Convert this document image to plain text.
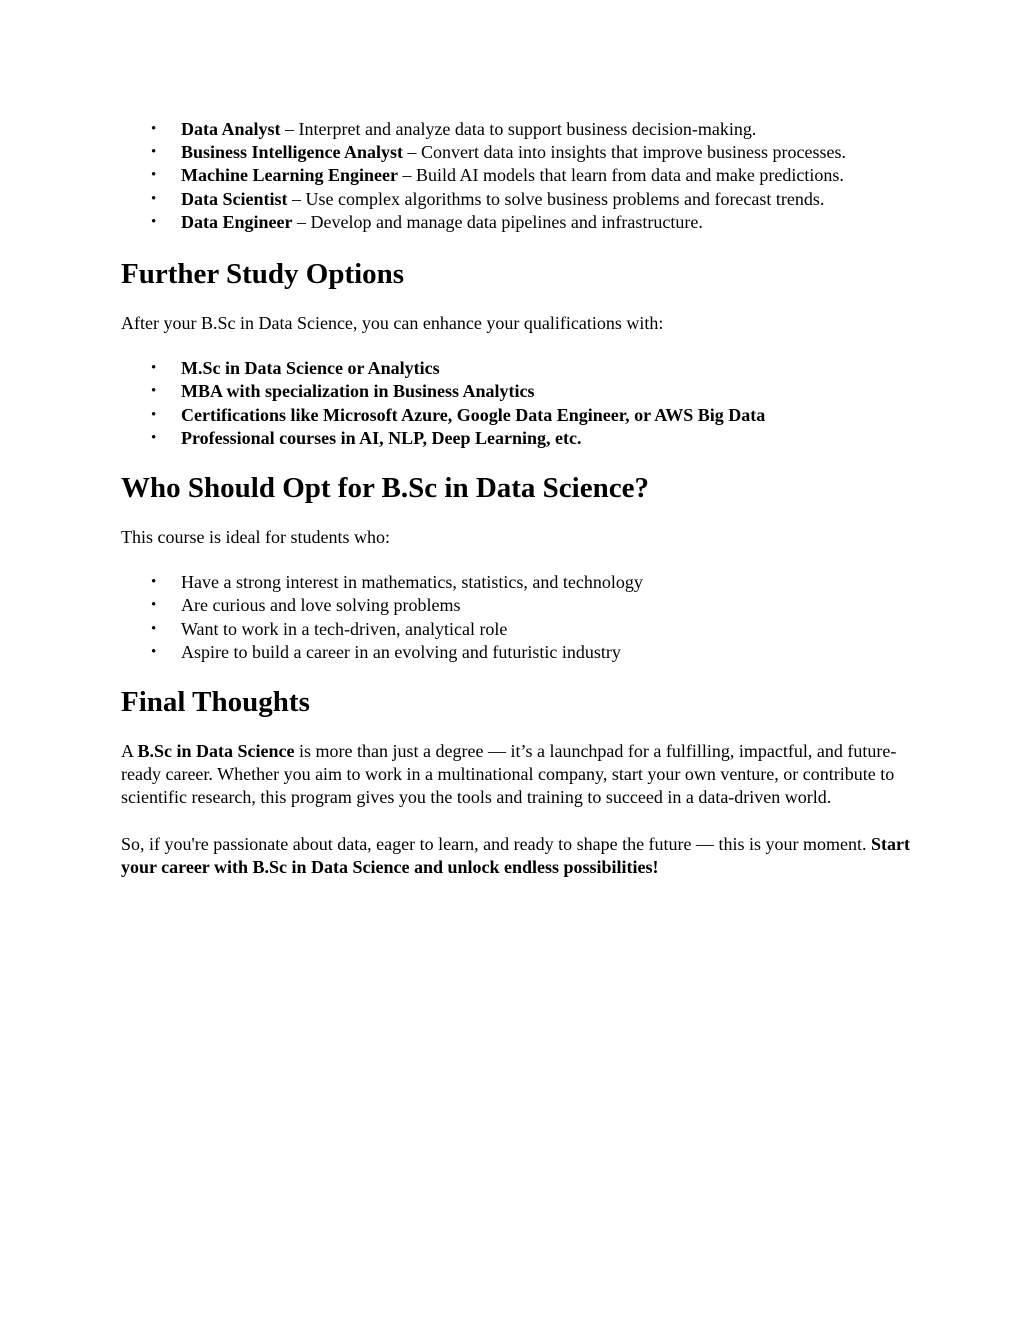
• Data Analyst – Interpret and analyze data to support business decision-making.
• Business Intelligence Analyst – Convert data into insights that improve business processes.
• Machine Learning Engineer – Build AI models that learn from data and make predictions.
• Data Scientist – Use complex algorithms to solve business problems and forecast trends.
• Data Engineer – Develop and manage data pipelines and infrastructure.
Further Study Options

After your B.Sc in Data Science, you can enhance your qualifications with:

• M.Sc in Data Science or Analytics
• MBA with specialization in Business Analytics
• Certifications like Microsoft Azure, Google Data Engineer, or AWS Big Data
• Professional courses in AI, NLP, Deep Learning, etc.
Who Should Opt for B.Sc in Data Science?

This course is ideal for students who:

• Have a strong interest in mathematics, statistics, and technology
• Are curious and love solving problems
• Want to work in a tech-driven, analytical role
• Aspire to build a career in an evolving and futuristic industry
Final Thoughts

A B.Sc in Data Science is more than just a degree — it’s a launchpad for a fulfilling, impactful, and future-ready career. Whether you aim to work in a multinational company, start your own venture, or contribute to scientific research, this program gives you the tools and training to succeed in a data-driven world.

So, if you're passionate about data, eager to learn, and ready to shape the future — this is your moment. Start your career with B.Sc in Data Science and unlock endless possibilities!
